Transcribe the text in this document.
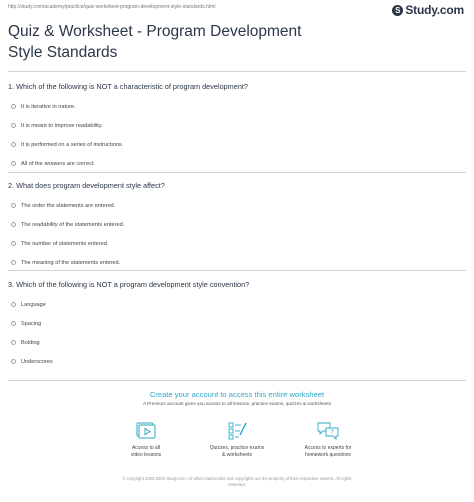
http://study.com/academy/practice/quiz-worksheet-program-development-style-standards.html	S Study.com
Quiz & Worksheet - Program Development Style Standards

1. Which of the following is NOT a characteristic of program development?

It is iterative in nature.
It is meant to improve readability.
It is performed on a series of instructions.
All of the answers are correct.

2. What does program development style affect?

The order the statements are entered.
The readability of the statements entered.
The number of statements entered.
The meaning of the statements entered.

3. Which of the following is NOT a program development style convention?

Language
Spacing
Bolding
Underscores
Create your account to access this entire worksheet
A Premium account gives you access to all lessons, practice exams, quizzes & worksheets
Access to all
video lessons
Quizzes, practice exams
& worksheets
?
Access to experts for
homework questions
© copyright 2003-2020 Study.com. All other trademarks and copyrights are the property of their respective owners. All rights
reserved.
